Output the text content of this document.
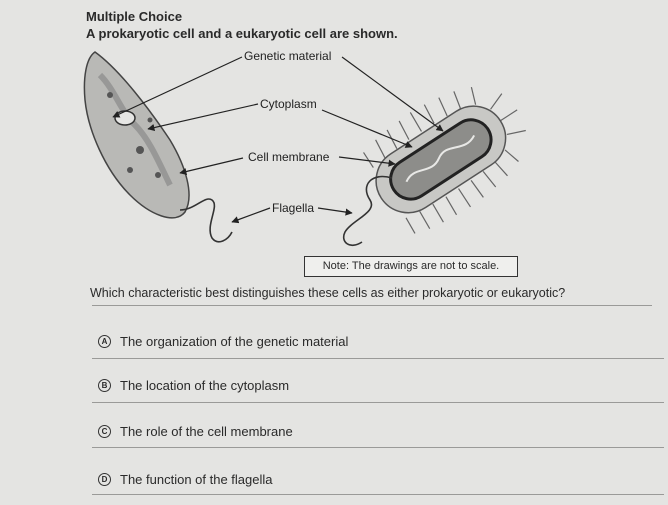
Multiple Choice
A prokaryotic cell and a eukaryotic cell are shown.
Genetic material
Cytoplasm
Cell membrane
Flagella
Note: The drawings are not to scale.
Which characteristic best distinguishes these cells as either prokaryotic or eukaryotic?
A The organization of the genetic material
B The location of the cytoplasm
C The role of the cell membrane
D The function of the flagella
